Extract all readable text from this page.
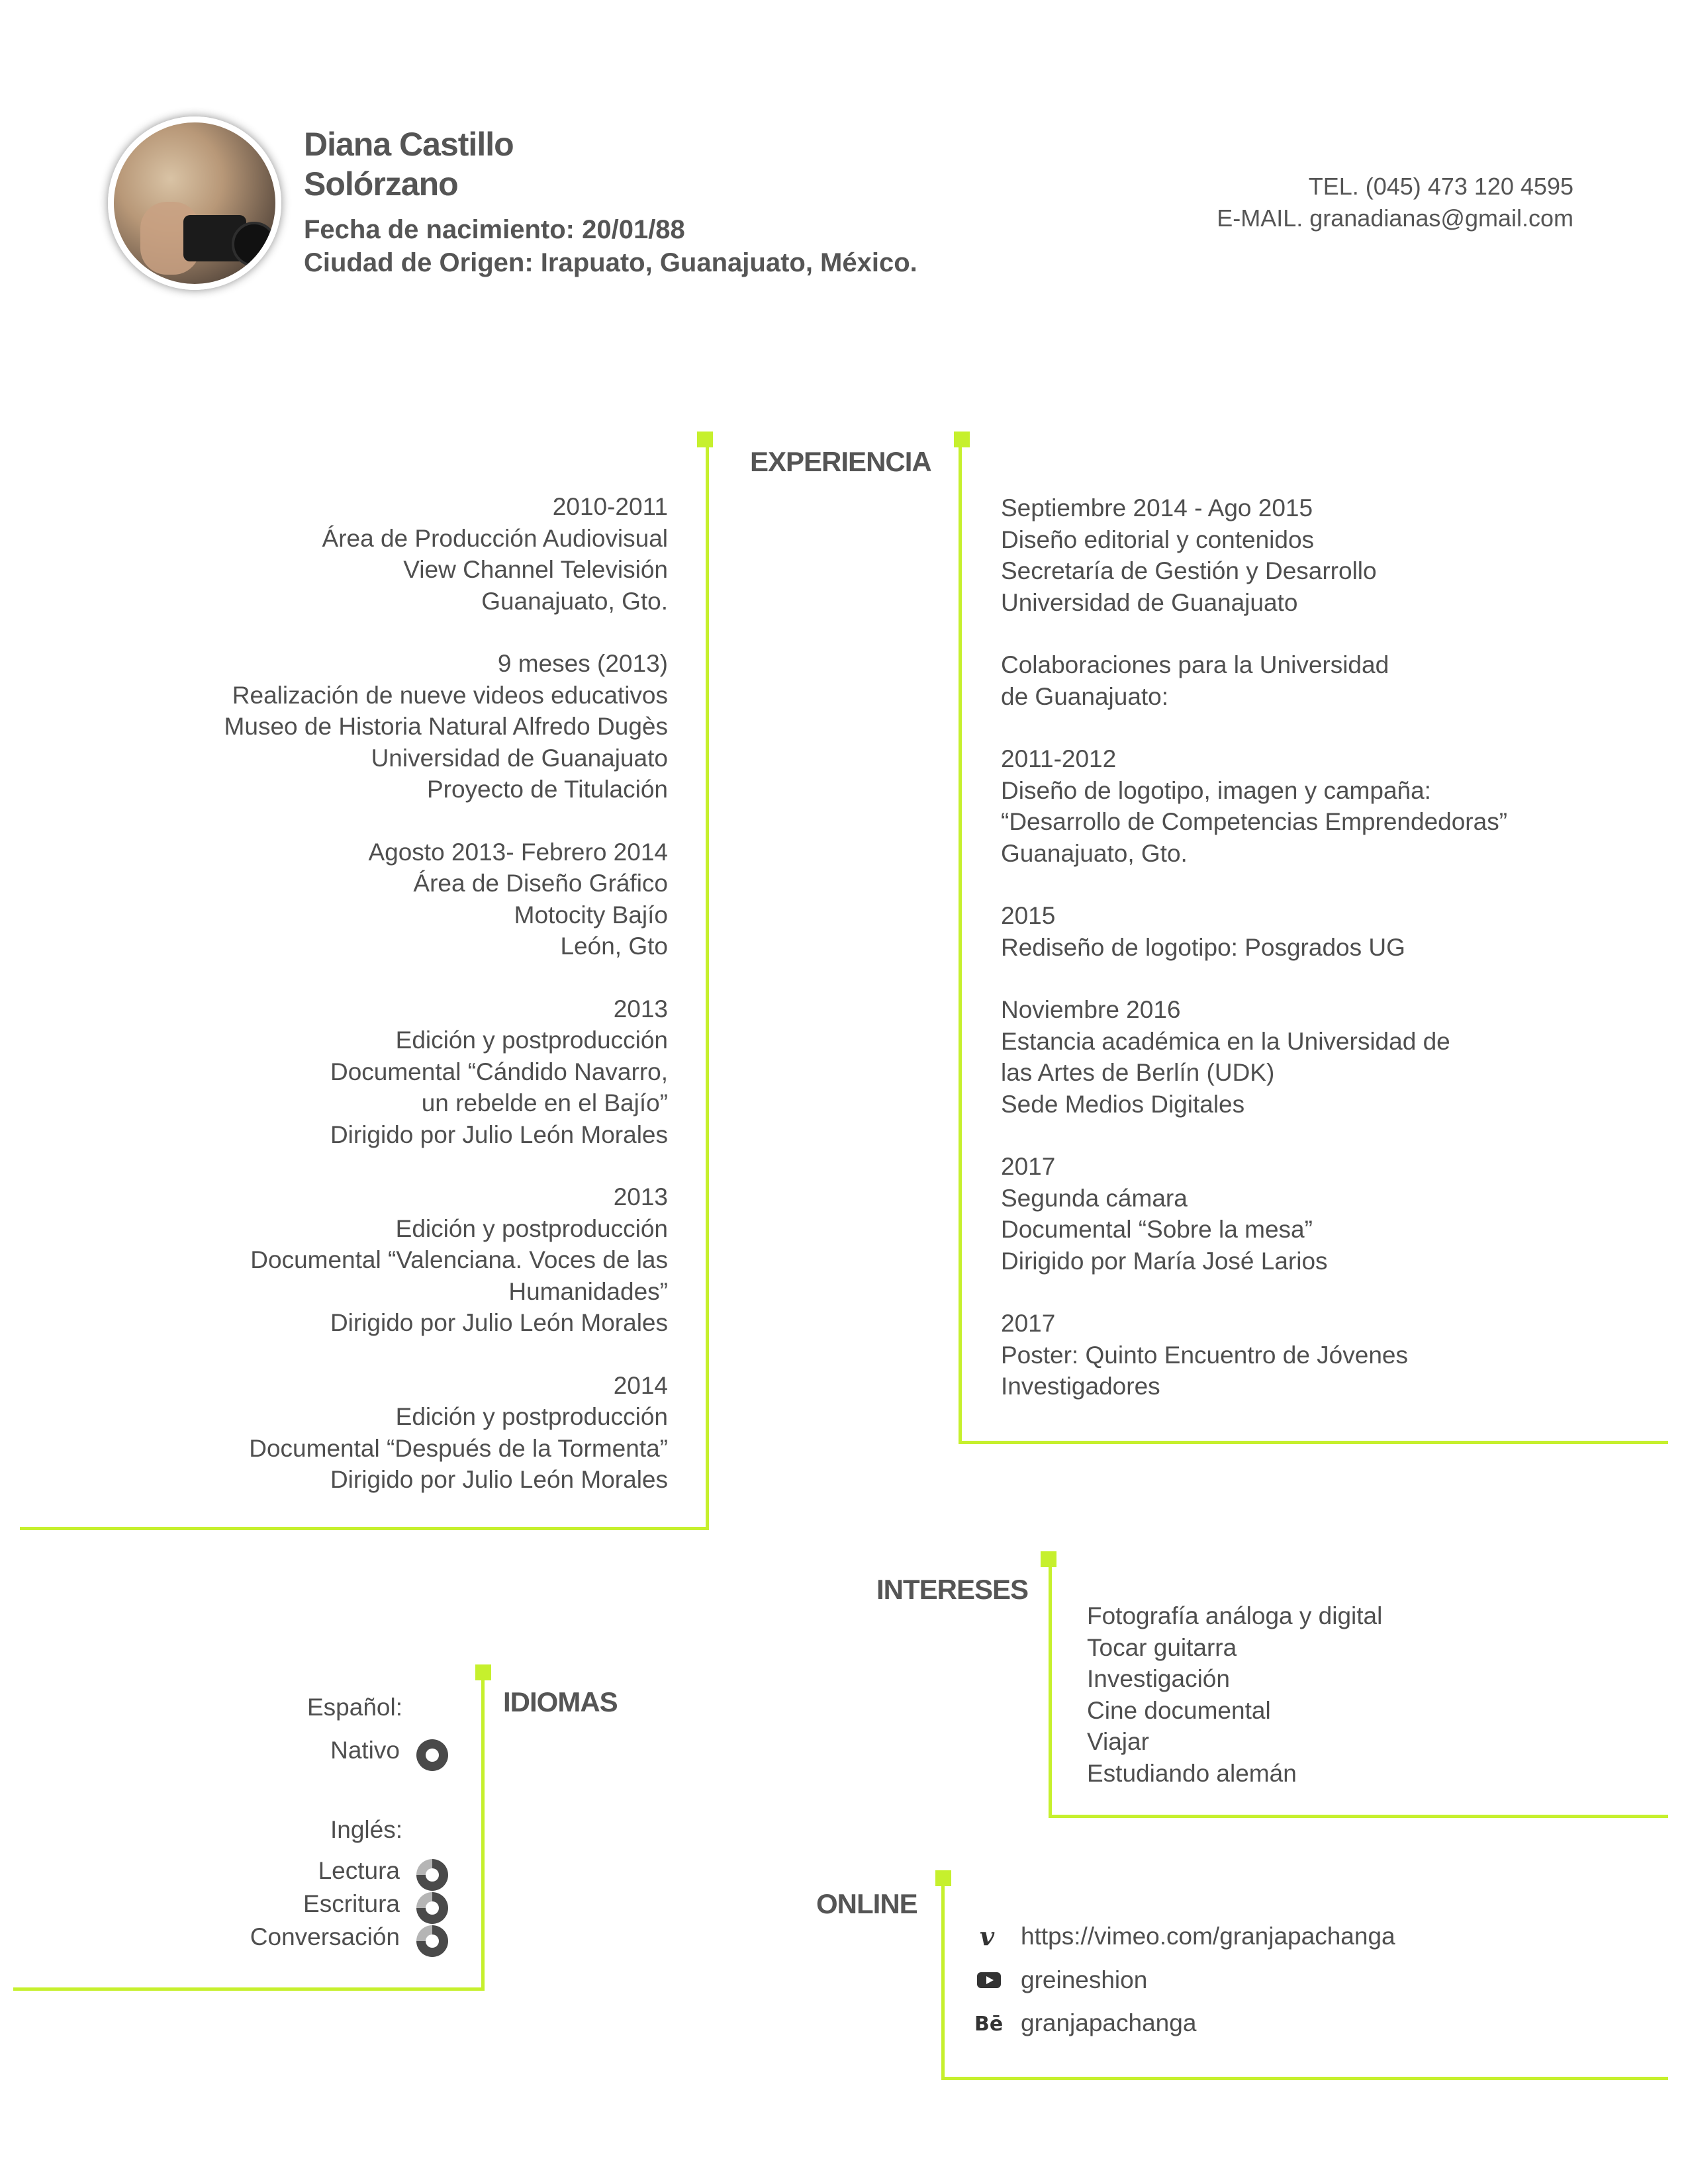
Diana Castillo
Solórzano
Fecha de nacimiento: 20/01/88
Ciudad de Origen: Irapuato, Guanajuato, México.
TEL. (045) 473 120 4595
E-MAIL. granadianas@gmail.com
EXPERIENCIA
2010-2011
Área de Producción Audiovisual
View Channel Televisión
Guanajuato, Gto.
9 meses (2013)
Realización de nueve videos educativos
Museo de Historia Natural Alfredo Dugès
Universidad de Guanajuato
Proyecto de Titulación
Agosto 2013- Febrero 2014
Área de Diseño Gráfico
Motocity Bajío
León, Gto
2013
Edición y postproducción
Documental “Cándido Navarro,
un rebelde en el Bajío”
Dirigido por Julio León Morales
2013
Edición y postproducción
Documental “Valenciana. Voces de las
Humanidades”
Dirigido por Julio León Morales
2014
Edición y postproducción
Documental “Después de la Tormenta”
Dirigido por Julio León Morales
Septiembre 2014 - Ago 2015
Diseño editorial y contenidos
Secretaría de Gestión y Desarrollo
Universidad de Guanajuato
Colaboraciones para la Universidad
de Guanajuato:
2011-2012
Diseño de logotipo, imagen y campaña:
“Desarrollo de Competencias Emprendedoras”
Guanajuato, Gto.
2015
Rediseño de logotipo: Posgrados UG
Noviembre 2016
Estancia académica en la Universidad de
las Artes de Berlín (UDK)
Sede Medios Digitales
2017
Segunda cámara
Documental “Sobre la mesa”
Dirigido por María José Larios
2017
Poster: Quinto Encuentro de Jóvenes
Investigadores
INTERESES
Fotografía análoga y digital
Tocar guitarra
Investigación
Cine documental
Viajar
Estudiando alemán
IDIOMAS
Español:
Nativo
Inglés:
Lectura
Escritura
Conversación
ONLINE
v https://vimeo.com/granjapachanga
greineshion
Bē granjapachanga
